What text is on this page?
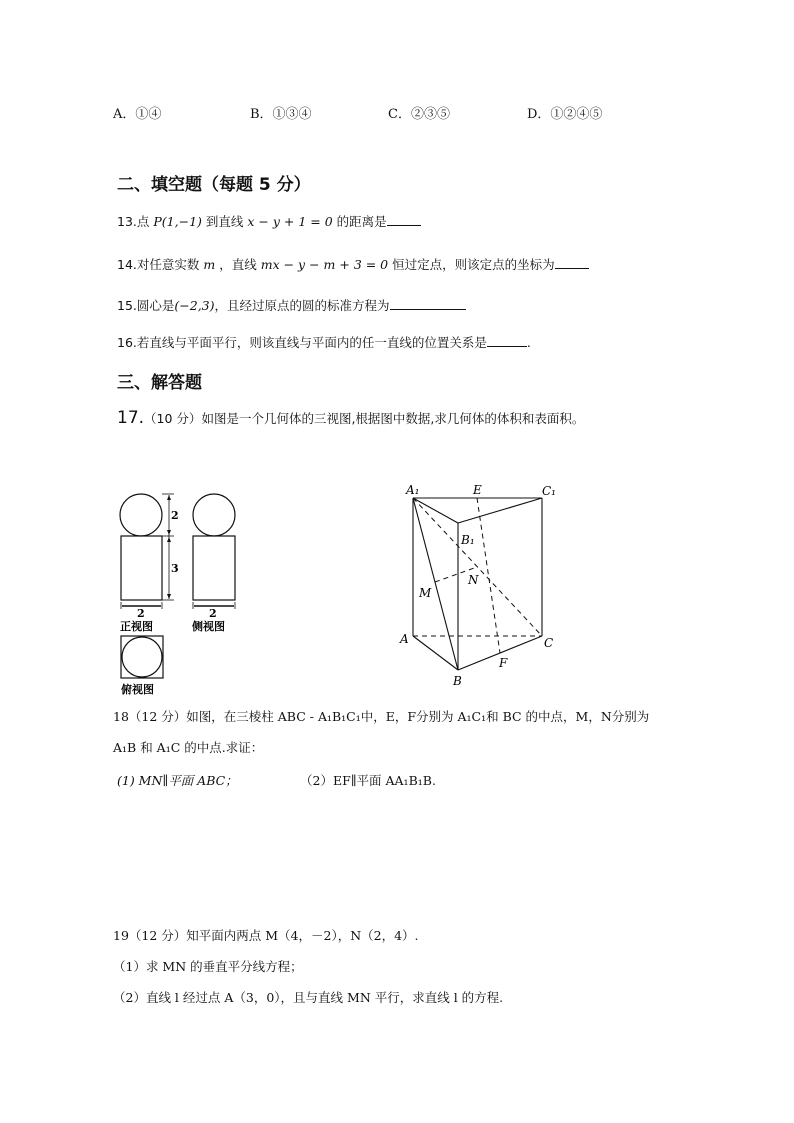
A．①④	B．①③④	C．②③⑤	D．①②④⑤
二、填空题（每题 5 分）
13.点 P(1,−1) 到直线 x − y + 1 = 0 的距离是
14.对任意实数 m ，直线 mx − y − m + 3 = 0 恒过定点，则该定点的坐标为
15.圆心是(−2,3)，且经过原点的圆的标准方程为
16.若直线与平面平行，则该直线与平面内的任一直线的位置关系是	.
三、解答题
17.（10 分）如图是一个几何体的三视图,根据图中数据,求几何体的体积和表面积。
2
3
2
正视图
2
侧视图
俯视图
A₁	E	C₁
B₁
N
M
A	C
F
B
18（12 分）如图，在三棱柱 ABC - A₁B₁C₁中，E，F分别为 A₁C₁和 BC 的中点，M，N分别为
A₁B 和 A₁C 的中点.求证：
(1) MN∥平面 ABC；	（2）EF∥平面 AA₁B₁B.
19（12 分）知平面内两点 M（4，－2），N（2，4）.
（1）求 MN 的垂直平分线方程；
（2）直线 l 经过点 A（3，0），且与直线 MN 平行，求直线 l 的方程.
